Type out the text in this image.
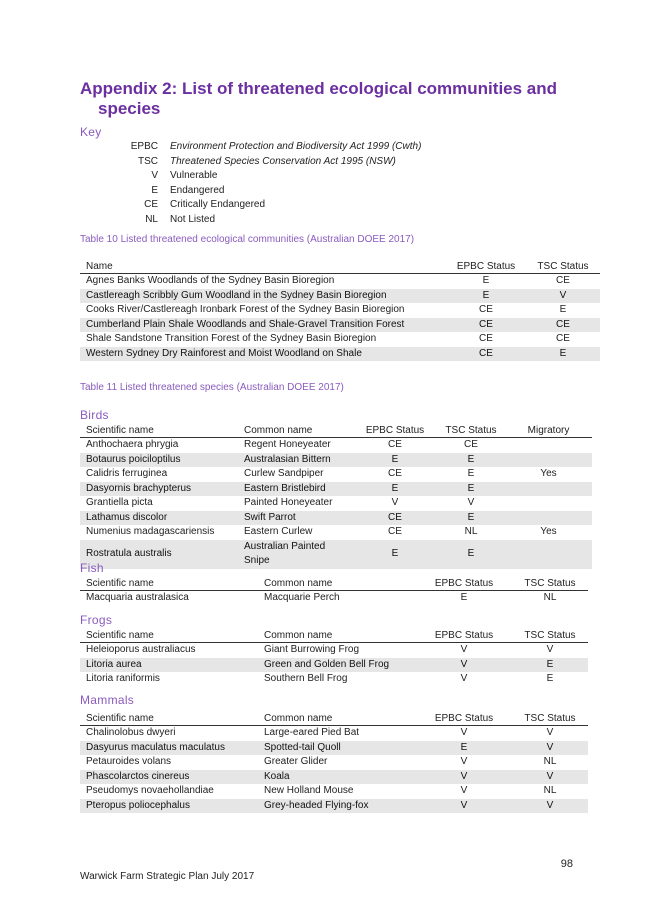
Appendix 2: List of threatened ecological communities and
species
Key
EPBC	Environment Protection and Biodiversity Act 1999 (Cwth)
TSC	Threatened Species Conservation Act 1995 (NSW)
V	Vulnerable
E	Endangered
CE	Critically Endangered
NL	Not Listed
Table 10 Listed threatened ecological communities (Australian DOEE 2017)
Name	EPBC Status	TSC Status
Agnes Banks Woodlands of the Sydney Basin Bioregion	E	CE
Castlereagh Scribbly Gum Woodland in the Sydney Basin Bioregion	E	V
Cooks River/Castlereagh Ironbark Forest of the Sydney Basin Bioregion	CE	E
Cumberland Plain Shale Woodlands and Shale-Gravel Transition Forest	CE	CE
Shale Sandstone Transition Forest of the Sydney Basin Bioregion	CE	CE
Western Sydney Dry Rainforest and Moist Woodland on Shale	CE	E
Table 11 Listed threatened species (Australian DOEE 2017)
Birds
Scientific name	Common name	EPBC Status	TSC Status	Migratory
Anthochaera phrygia	Regent Honeyeater	CE	CE	
Botaurus poiciloptilus	Australasian Bittern	E	E	
Calidris ferruginea	Curlew Sandpiper	CE	E	Yes
Dasyornis brachypterus	Eastern Bristlebird	E	E	
Grantiella picta	Painted Honeyeater	V	V	
Lathamus discolor	Swift Parrot	CE	E	
Numenius madagascariensis	Eastern Curlew	CE	NL	Yes
Rostratula australis	Australian Painted Snipe	E	E	
Fish
Scientific name	Common name	EPBC Status	TSC Status
Macquaria australasica	Macquarie Perch	E	NL
Frogs
Scientific name	Common name	EPBC Status	TSC Status
Heleioporus australiacus	Giant Burrowing Frog	V	V
Litoria aurea	Green and Golden Bell Frog	V	E
Litoria raniformis	Southern Bell Frog	V	E
Mammals
Scientific name	Common name	EPBC Status	TSC Status
Chalinolobus dwyeri	Large-eared Pied Bat	V	V
Dasyurus maculatus maculatus	Spotted-tail Quoll	E	V
Petauroides volans	Greater Glider	V	NL
Phascolarctos cinereus	Koala	V	V
Pseudomys novaehollandiae	New Holland Mouse	V	NL
Pteropus poliocephalus	Grey-headed Flying-fox	V	V
98
Warwick Farm Strategic Plan July 2017
